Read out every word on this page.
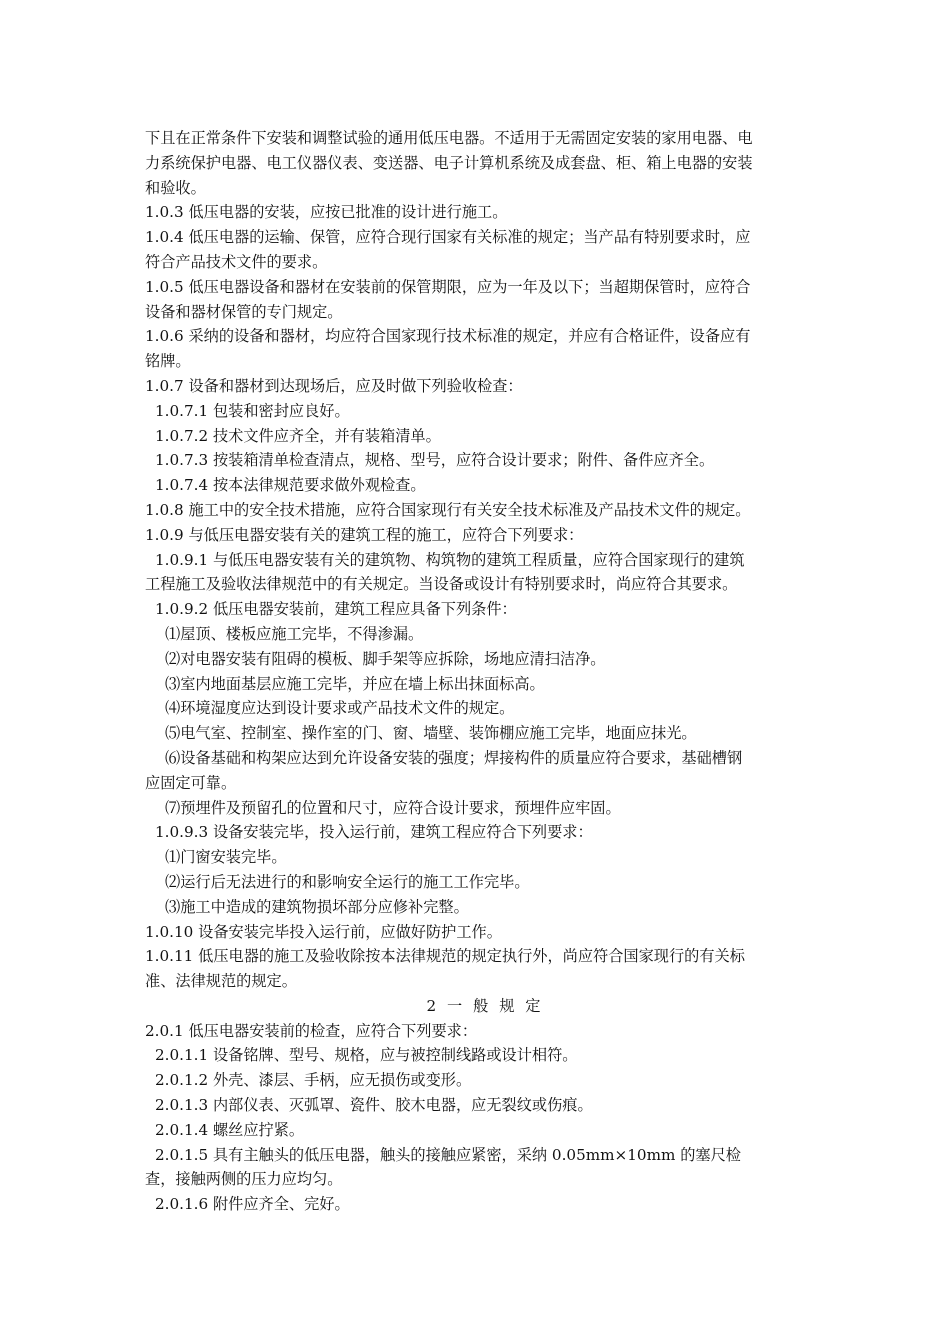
下且在正常条件下安装和调整试验的通用低压电器。不适用于无需固定安装的家用电器、电

力系统保护电器、电工仪器仪表、变送器、电子计算机系统及成套盘、柜、箱上电器的安装

和验收。

1.0.3 低压电器的安装，应按已批准的设计进行施工。

1.0.4 低压电器的运输、保管，应符合现行国家有关标准的规定；当产品有特别要求时，应

符合产品技术文件的要求。

1.0.5 低压电器设备和器材在安装前的保管期限，应为一年及以下；当超期保管时，应符合

设备和器材保管的专门规定。

1.0.6 采纳的设备和器材，均应符合国家现行技术标准的规定，并应有合格证件，设备应有

铭牌。

1.0.7 设备和器材到达现场后，应及时做下列验收检查：

1.0.7.1 包装和密封应良好。

1.0.7.2 技术文件应齐全，并有装箱清单。

1.0.7.3 按装箱清单检查清点，规格、型号，应符合设计要求；附件、备件应齐全。

1.0.7.4 按本法律规范要求做外观检查。

1.0.8 施工中的安全技术措施，应符合国家现行有关安全技术标准及产品技术文件的规定。

1.0.9 与低压电器安装有关的建筑工程的施工，应符合下列要求：

1.0.9.1 与低压电器安装有关的建筑物、构筑物的建筑工程质量，应符合国家现行的建筑

工程施工及验收法律规范中的有关规定。当设备或设计有特别要求时，尚应符合其要求。

1.0.9.2 低压电器安装前，建筑工程应具备下列条件：

⑴屋顶、楼板应施工完毕，不得渗漏。

⑵对电器安装有阻碍的模板、脚手架等应拆除，场地应清扫洁净。

⑶室内地面基层应施工完毕，并应在墙上标出抹面标高。

⑷环境湿度应达到设计要求或产品技术文件的规定。

⑸电气室、控制室、操作室的门、窗、墙壁、装饰棚应施工完毕，地面应抹光。

⑹设备基础和构架应达到允许设备安装的强度；焊接构件的质量应符合要求，基础槽钢

应固定可靠。

⑺预埋件及预留孔的位置和尺寸，应符合设计要求，预埋件应牢固。

1.0.9.3 设备安装完毕，投入运行前，建筑工程应符合下列要求：

⑴门窗安装完毕。

⑵运行后无法进行的和影响安全运行的施工工作完毕。

⑶施工中造成的建筑物损坏部分应修补完整。

1.0.10 设备安装完毕投入运行前，应做好防护工作。

1.0.11 低压电器的施工及验收除按本法律规范的规定执行外，尚应符合国家现行的有关标

准、法律规范的规定。

2 一 般 规 定

2.0.1 低压电器安装前的检查，应符合下列要求：

2.0.1.1 设备铭牌、型号、规格，应与被控制线路或设计相符。

2.0.1.2 外壳、漆层、手柄，应无损伤或变形。

2.0.1.3 内部仪表、灭弧罩、瓷件、胶木电器，应无裂纹或伤痕。

2.0.1.4 螺丝应拧紧。

2.0.1.5 具有主触头的低压电器，触头的接触应紧密，采纳 0.05mm×10mm 的塞尺检

查，接触两侧的压力应均匀。

2.0.1.6 附件应齐全、完好。
